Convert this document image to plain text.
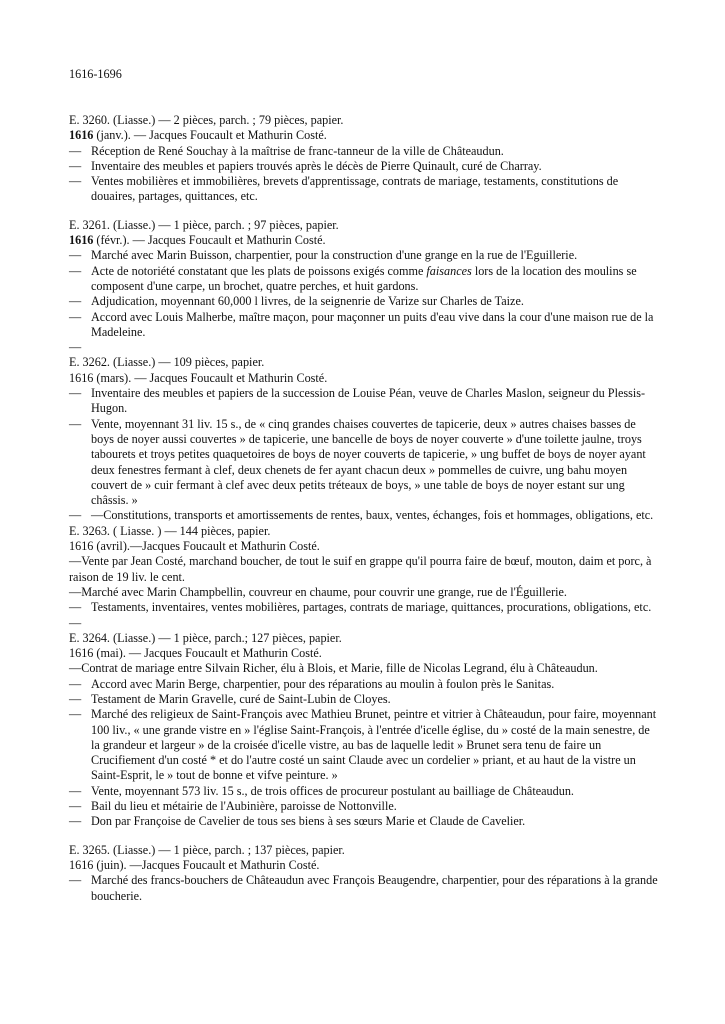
1616-1696
E. 3260. (Liasse.) — 2 pièces, parch. ; 79 pièces, papier.
1616 (janv.). — Jacques Foucault et Mathurin Costé.
— Réception de René Souchay à la maîtrise de franc-tanneur de la ville de Châteaudun.
— Inventaire des meubles et papiers trouvés après le décès de Pierre Quinault, curé de Charray.
— Ventes mobilières et immobilières, brevets d'apprentissage, contrats de mariage, testaments, constitutions de douaires, partages, quittances, etc.
E. 3261. (Liasse.) — 1 pièce, parch. ; 97 pièces, papier.
1616 (févr.). — Jacques Foucault et Mathurin Costé.
— Marché avec Marin Buisson, charpentier, pour la construction d'une grange en la rue de l'Eguillerie.
— Acte de notoriété constatant que les plats de poissons exigés comme faisances lors de la location des moulins se composent d'une carpe, un brochet, quatre perches, et huit gardons.
— Adjudication, moyennant 60,000 l livres, de la seignenrie de Varize sur Charles de Taize.
— Accord avec Louis Malherbe, maître maçon, pour maçonner un puits d'eau vive dans la cour d'une maison rue de la Madeleine.
—
E. 3262. (Liasse.) — 109 pièces, papier.
1616 (mars). — Jacques Foucault et Mathurin Costé.
— Inventaire des meubles et papiers de la succession de Louise Péan, veuve de Charles Maslon, seigneur du Plessis-Hugon.
— Vente, moyennant 31 liv. 15 s., de « cinq grandes chaises couvertes de tapicerie, deux » autres chaises basses de boys de noyer aussi couvertes » de tapicerie, une bancelle de boys de noyer couverte » d'une toilette jaulne, troys tabourets et troys petites quaquetoires de boys de noyer couverts de tapicerie, » ung buffet de boys de noyer ayant deux fenestres fermant à clef, deux chenets de fer ayant chacun deux » pommelles de cuivre, ung bahu moyen couvert de » cuir fermant à clef avec deux petits tréteaux de boys, » une table de boys de noyer estant sur ung châssis. »
— —Constitutions, transports et amortissements de rentes, baux, ventes, échanges, fois et hommages, obligations, etc.
E. 3263. ( Liasse. ) — 144 pièces, papier.
1616 (avril).—Jacques Foucault et Mathurin Costé.
—Vente par Jean Costé, marchand boucher, de tout le suif en grappe qu'il pourra faire de bœuf, mouton, daim et porc, à raison de 19 liv. le cent.
—Marché avec Marin Champbellin, couvreur en chaume, pour couvrir une grange, rue de l'Éguillerie.
— Testaments, inventaires, ventes mobilières, partages, contrats de mariage, quittances, procurations, obligations, etc.
—
E. 3264. (Liasse.) — 1 pièce, parch.; 127 pièces, papier.
1616 (mai). — Jacques Foucault et Mathurin Costé.
—Contrat de mariage entre Silvain Richer, élu à Blois, et Marie, fille de Nicolas Legrand, élu à Châteaudun.
— Accord avec Marin Berge, charpentier, pour des réparations au moulin à foulon près le Sanitas.
— Testament de Marin Gravelle, curé de Saint-Lubin de Cloyes.
— Marché des religieux de Saint-François avec Mathieu Brunet, peintre et vitrier à Châteaudun, pour faire, moyennant 100 liv., « une grande vistre en » l'église Saint-François, à l'entrée d'icelle église, du » costé de la main senestre, de la grandeur et largeur » de la croisée d'icelle vistre, au bas de laquelle ledit » Brunet sera tenu de faire un Crucifiement d'un costé * et do l'autre costé un saint Claude avec un cordelier » priant, et au haut de la vistre un Saint-Esprit, le » tout de bonne et vifve peinture. »
— Vente, moyennant 573 liv. 15 s., de trois offices de procureur postulant au bailliage de Châteaudun.
— Bail du lieu et métairie de l'Aubinière, paroisse de Nottonville.
— Don par Françoise de Cavelier de tous ses biens à ses sœurs Marie et Claude de Cavelier.
E. 3265. (Liasse.) — 1 pièce, parch. ; 137 pièces, papier.
1616 (juin). —Jacques Foucault et Mathurin Costé.
— Marché des francs-bouchers de Châteaudun avec François Beaugendre, charpentier, pour des réparations à la grande boucherie.
